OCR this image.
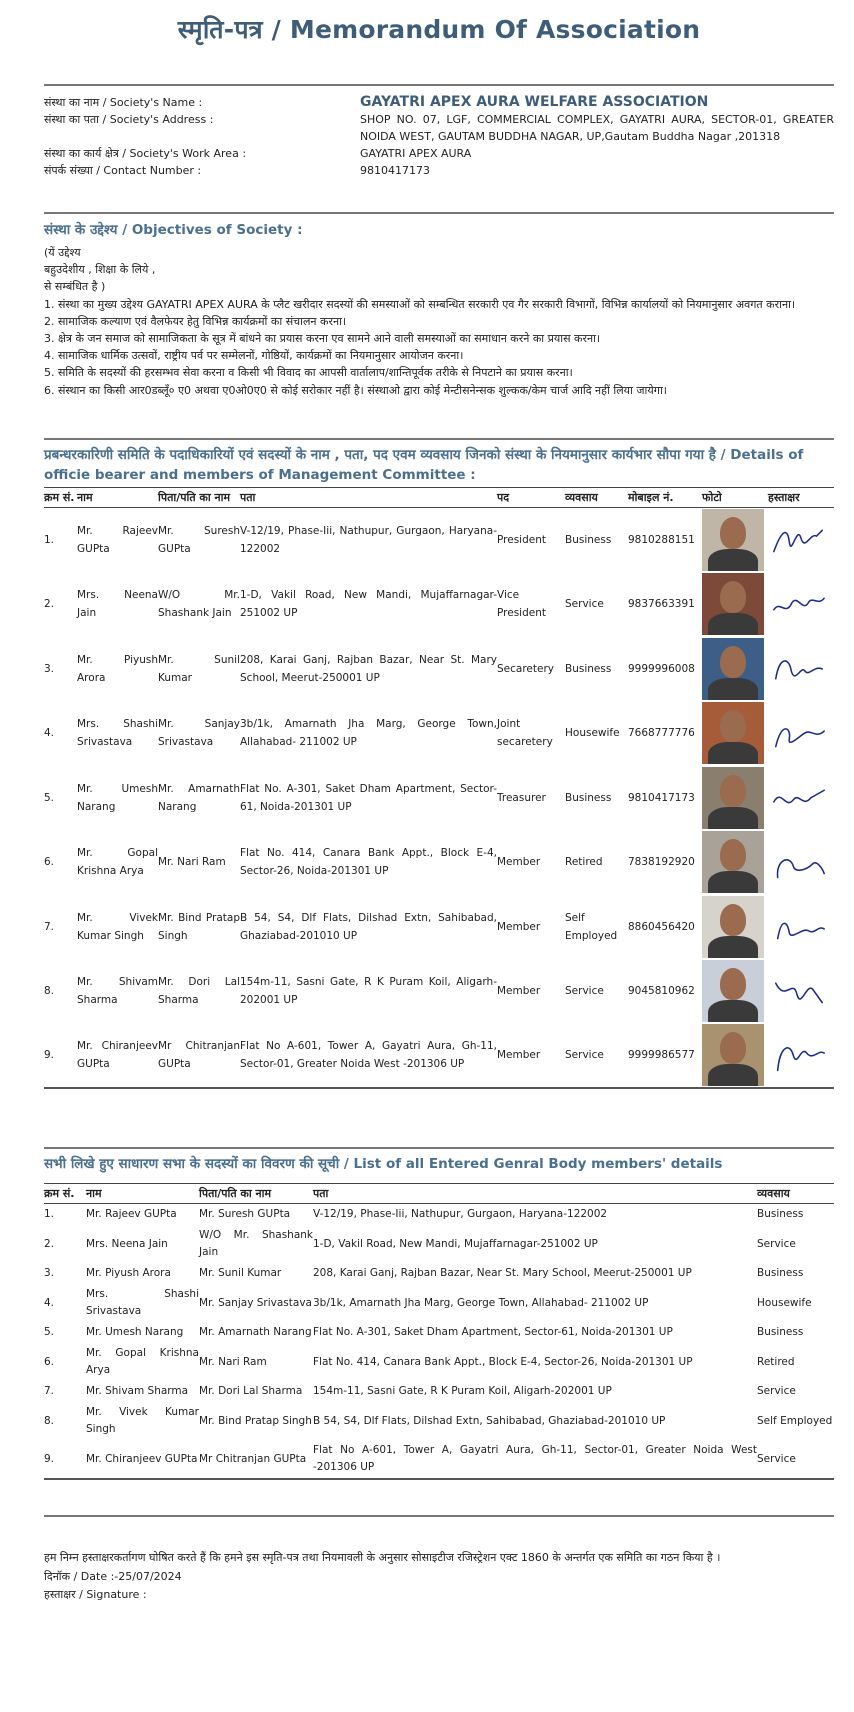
स्मृति-पत्र / Memorandum Of Association
संस्था का नाम / Society's Name :	GAYATRI APEX AURA WELFARE ASSOCIATION
संस्था का पता / Society's Address :	SHOP NO. 07, LGF, COMMERCIAL COMPLEX, GAYATRI AURA, SECTOR-01, GREATER NOIDA WEST, GAUTAM BUDDHA NAGAR, UP,Gautam Buddha Nagar ,201318
संस्था का कार्य क्षेत्र / Society's Work Area :	GAYATRI APEX AURA
संपर्क संख्या / Contact Number :	9810417173
संस्था के उद्देश्य / Objectives of Society :
(यें उद्देश्य
बहुउदेशीय , शिक्षा के लिये ,
से सम्बंधित है )
1. संस्था का मुख्य उद्देश्य GAYATRI APEX AURA के प्लैट खरीदार सदस्यों की समस्याओं को सम्बन्धित सरकारी एव गैर सरकारी विभागों, विभिन्न कार्यालयों को नियमानुसार अवगत कराना।
2. सामाजिक कल्याण एवं वैलफेयर हेतु विभिन्न कार्यक्रमों का संचालन करना।
3. क्षेत्र के जन समाज को सामाजिकता के सूत्र में बांधने का प्रयास करना एव सामने आने वाली समस्याओं का समाधान करने का प्रयास करना।
4. सामाजिक धार्मिक उत्सवों, राष्ट्रीय पर्व पर सम्मेलनों, गोष्ठियों, कार्यक्रमों का नियमानुसार आयोजन करना।
5. समिति के सदस्यों की हरसम्भव सेवा करना व किसी भी विवाद का आपसी वार्तालाप/शान्तिपूर्वक तरीके से निपटाने का प्रयास करना।
6. संस्थान का किसी आर0डब्लूँ० ए0 अथवा ए0ओ0ए0 से कोई सरोकार नहीं है। संस्थाओ द्वारा कोई मेन्टीसनेन्सक शुल्कक/केम चार्ज आदि नहीं लिया जायेगा।
प्रबन्धरकारिणी समिति के पदाधिकारियों एवं सदस्यों के नाम , पता, पद एवम व्यवसाय जिनको संस्था के नियमानुसार कार्यभार सौपा गया है / Details of officie bearer and members of Management Committee :
क्रम सं.	नाम	पिता/पति का नाम	पता	पद	व्यवसाय	मोबाइल नं.	फोटो	हस्ताक्षर
1.	Mr. Rajeev GUPta	Mr. Suresh GUPta	V-12/19, Phase-Iii, Nathupur, Gurgaon, Haryana-122002	President	Business	9810288151	

2.	Mrs. Neena Jain	W/O Mr. Shashank Jain	1-D, Vakil Road, New Mandi, Mujaffarnagar-251002 UP	Vice President	Service	9837663391	

3.	Mr. Piyush Arora	Mr. Sunil Kumar	208, Karai Ganj, Rajban Bazar, Near St. Mary School, Meerut-250001 UP	Secaretery	Business	9999996008	

4.	Mrs. Shashi Srivastava	Mr. Sanjay Srivastava	3b/1k, Amarnath Jha Marg, George Town, Allahabad- 211002 UP	Joint secaretery	Housewife	7668777776	

5.	Mr. Umesh Narang	Mr. Amarnath Narang	Flat No. A-301, Saket Dham Apartment, Sector-61, Noida-201301 UP	Treasurer	Business	9810417173	

6.	Mr. Gopal Krishna Arya	Mr. Nari Ram	Flat No. 414, Canara Bank Appt., Block E-4, Sector-26, Noida-201301 UP	Member	Retired	7838192920	

7.	Mr. Vivek Kumar Singh	Mr. Bind Pratap Singh	B 54, S4, Dlf Flats, Dilshad Extn, Sahibabad, Ghaziabad-201010 UP	Member	Self Employed	8860456420	

8.	Mr. Shivam Sharma	Mr. Dori Lal Sharma	154m-11, Sasni Gate, R K Puram Koil, Aligarh-202001 UP	Member	Service	9045810962	

9.	Mr. Chiranjeev GUPta	Mr Chitranjan GUPta	Flat No A-601, Tower A, Gayatri Aura, Gh-11, Sector-01, Greater Noida West -201306 UP	Member	Service	9999986577	

सभी लिखे हुए साधारण सभा के सदस्यों का विवरण की सूची / List of all Entered Genral Body members' details
क्रम सं.	नाम	पिता/पति का नाम	पता	व्यवसाय
1.	Mr. Rajeev GUPta	Mr. Suresh GUPta	V-12/19, Phase-Iii, Nathupur, Gurgaon, Haryana-122002	Business
2.	Mrs. Neena Jain	W/O Mr. Shashank Jain	1-D, Vakil Road, New Mandi, Mujaffarnagar-251002 UP	Service
3.	Mr. Piyush Arora	Mr. Sunil Kumar	208, Karai Ganj, Rajban Bazar, Near St. Mary School, Meerut-250001 UP	Business
4.	Mrs. Shashi Srivastava	Mr. Sanjay Srivastava	3b/1k, Amarnath Jha Marg, George Town, Allahabad- 211002 UP	Housewife
5.	Mr. Umesh Narang	Mr. Amarnath Narang	Flat No. A-301, Saket Dham Apartment, Sector-61, Noida-201301 UP	Business
6.	Mr. Gopal Krishna Arya	Mr. Nari Ram	Flat No. 414, Canara Bank Appt., Block E-4, Sector-26, Noida-201301 UP	Retired
7.	Mr. Shivam Sharma	Mr. Dori Lal Sharma	154m-11, Sasni Gate, R K Puram Koil, Aligarh-202001 UP	Service
8.	Mr. Vivek Kumar Singh	Mr. Bind Pratap Singh	B 54, S4, Dlf Flats, Dilshad Extn, Sahibabad, Ghaziabad-201010 UP	Self Employed
9.	Mr. Chiranjeev GUPta	Mr Chitranjan GUPta	Flat No A-601, Tower A, Gayatri Aura, Gh-11, Sector-01, Greater Noida West -201306 UP	Service
हम निम्न हस्ताक्षरकर्तागण घोषित करते हैं कि हमने इस स्मृति-पत्र तथा नियमावली के अनुसार सोसाइटीज रजिस्ट्रेशन एक्ट 1860 के अन्तर्गत एक समिति का गठन किया है ।
दिनॉक / Date :-25/07/2024
हस्ताक्षर / Signature :
